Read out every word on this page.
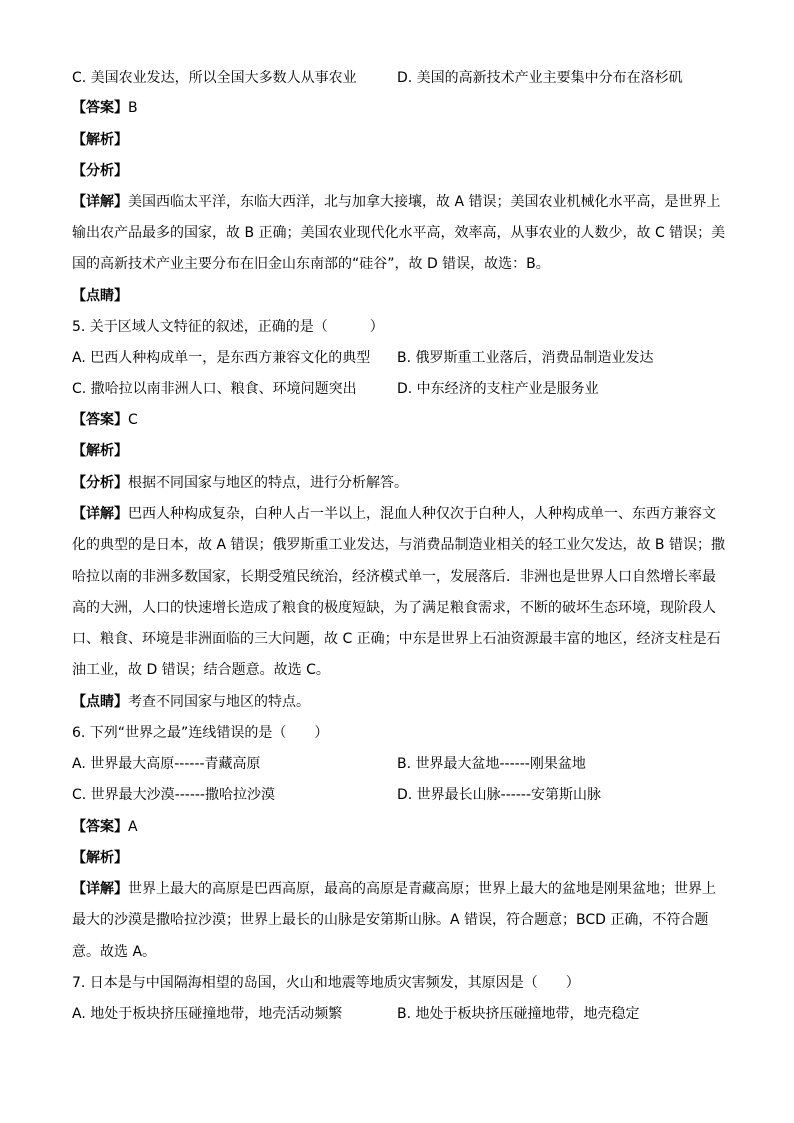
C. 美国农业发达，所以全国大多数人从事农业	D. 美国的高新技术产业主要集中分布在洛杉矶
【答案】B
【解析】
【分析】
【详解】美国西临太平洋，东临大西洋，北与加拿大接壤，故 A 错误；美国农业机械化水平高，是世界上
输出农产品最多的国家，故 B 正确；美国农业现代化水平高，效率高，从事农业的人数少，故 C 错误；美
国的高新技术产业主要分布在旧金山东南部的“硅谷”，故 D 错误，故选：B。
【点睛】
5. 关于区域人文特征的叙述，正确的是（　　　）
A. 巴西人种构成单一，是东西方兼容文化的典型 B. 俄罗斯重工业落后，消费品制造业发达
C. 撒哈拉以南非洲人口、粮食、环境问题突出	D. 中东经济的支柱产业是服务业
【答案】C
【解析】
【分析】根据不同国家与地区的特点，进行分析解答。
【详解】巴西人种构成复杂，白种人占一半以上，混血人种仅次于白种人，人种构成单一、东西方兼容文
化的典型的是日本，故 A 错误；俄罗斯重工业发达，与消费品制造业相关的轻工业欠发达，故 B 错误；撒
哈拉以南的非洲多数国家，长期受殖民统治，经济模式单一，发展落后．非洲也是世界人口自然增长率最
高的大洲，人口的快速增长造成了粮食的极度短缺，为了满足粮食需求，不断的破坏生态环境，现阶段人
口、粮食、环境是非洲面临的三大问题，故 C 正确；中东是世界上石油资源最丰富的地区，经济支柱是石
油工业，故 D 错误；结合题意。故选 C。
【点睛】考查不同国家与地区的特点。
6. 下列“世界之最”连线错误的是（　　）
A. 世界最大高原------青藏高原	B. 世界最大盆地------刚果盆地
C. 世界最大沙漠------撒哈拉沙漠	D. 世界最长山脉------安第斯山脉
【答案】A
【解析】
【详解】世界上最大的高原是巴西高原，最高的高原是青藏高原；世界上最大的盆地是刚果盆地；世界上
最大的沙漠是撒哈拉沙漠；世界上最长的山脉是安第斯山脉。A 错误，符合题意；BCD 正确，不符合题
意。故选 A。
7. 日本是与中国隔海相望的岛国，火山和地震等地质灾害频发，其原因是（　　）
A. 地处于板块挤压碰撞地带，地壳活动频繁	B. 地处于板块挤压碰撞地带，地壳稳定
